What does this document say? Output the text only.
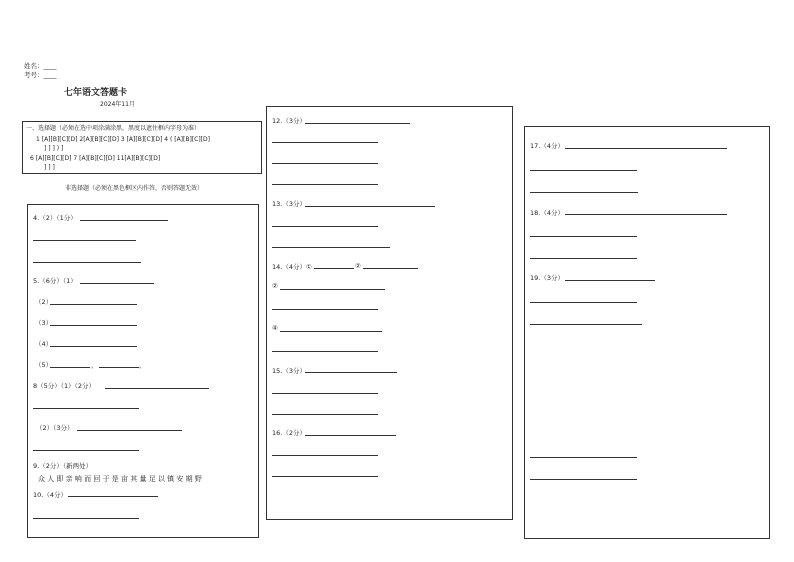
姓名：____
考号：____
七年语文答题卡
2024年11月
一、选择题（必须在选中项涂满涂黑，黑度以遮住框内字母为准）
1 [A][B][C][D] 2[A][B][C][D] 3 [A][B][C][D] 4 ( [A][B][C][D]
] ] ] ) ]
6 [A][B][C][D] 7 [A][B][C][D] 11[A][B][C][D]
] ] ]
非选择题（必须在黑色框区内作答，否则答题无效）
4.（2）（1分）
5.（6分）（1）
（2）
（3）
（4）
（5）	，	，
8（5分）（1）（2分）
（2）（3分）
9.（2分）（新两处）
众 人 即 亲 响 而 回 于 是 亩 其 量 足 以 镇 安 期 野
10.（4分）
12.（3分）
13.（3分）
14.（4分）①	②
②
④
15.（3分）
16.（2分）
17.（4分）
18.（4分）
19.（3分）
